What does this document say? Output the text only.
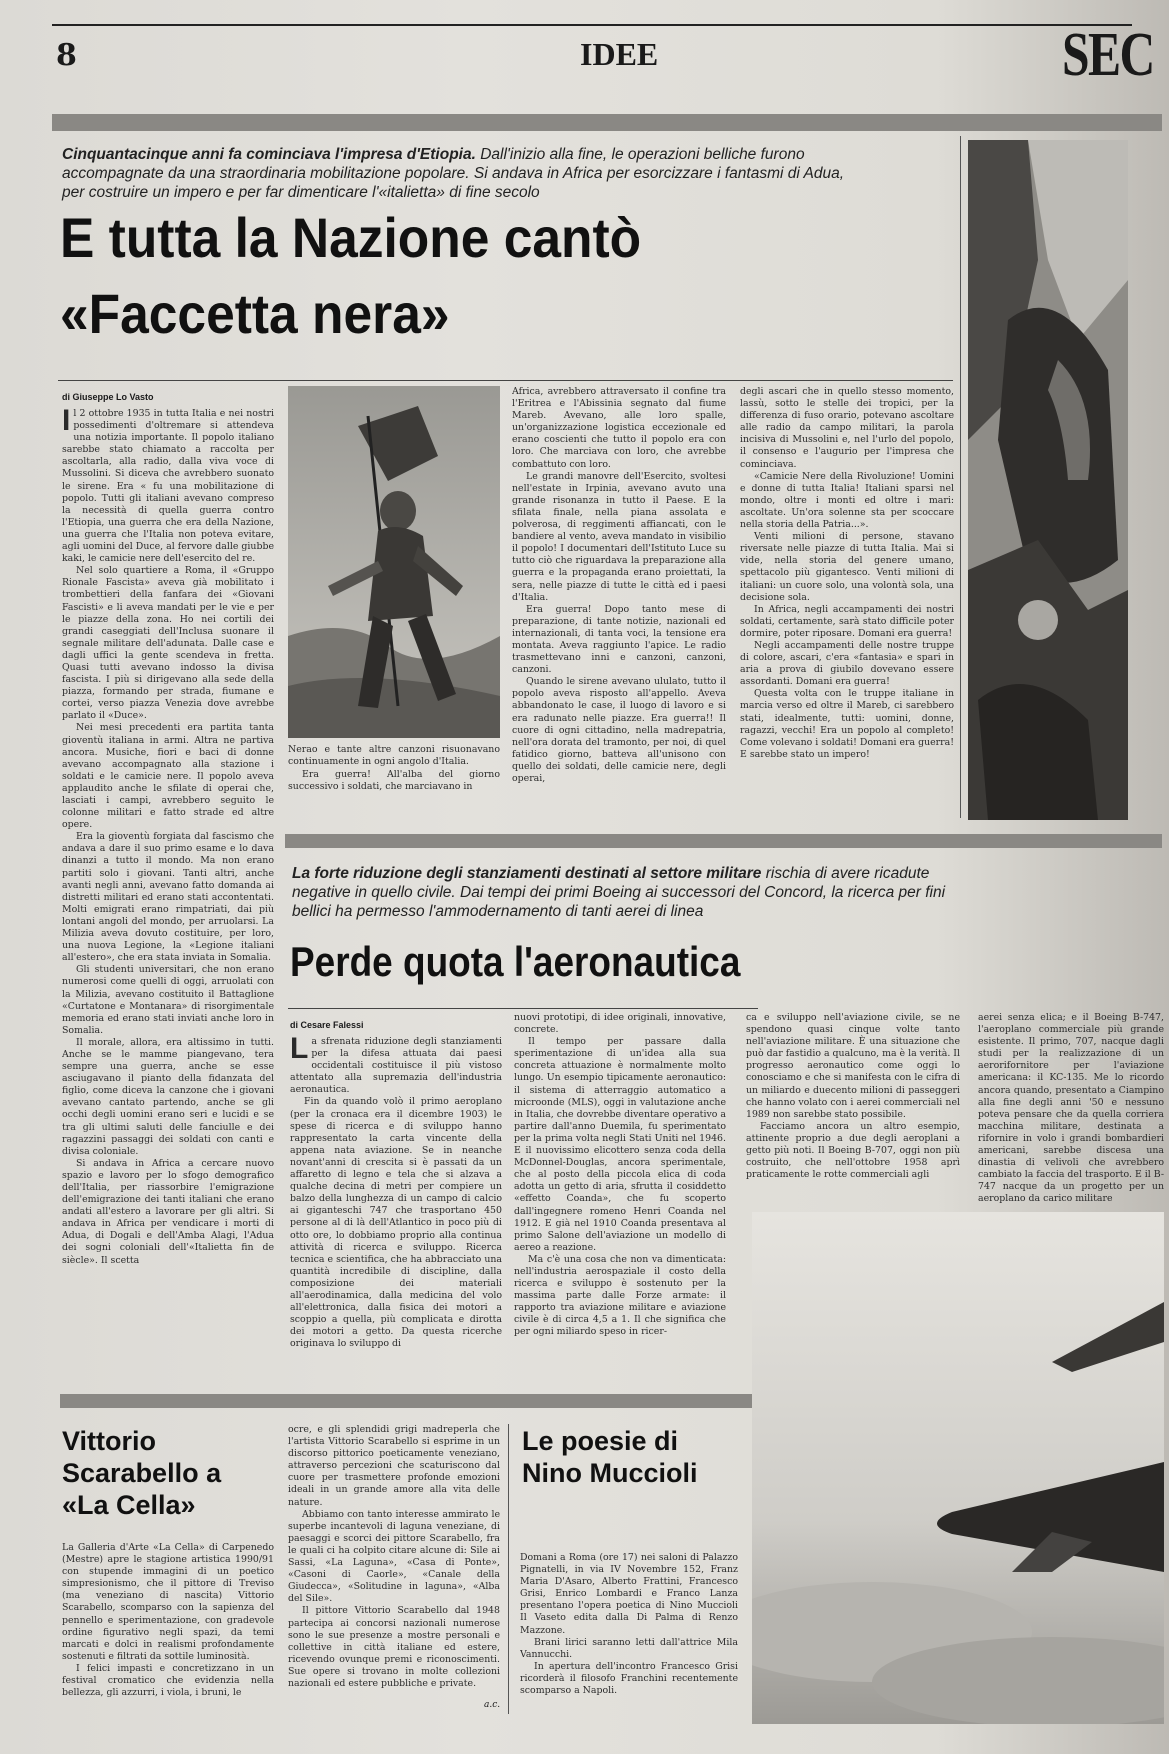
8	IDEE	SEC
Cinquantacinque anni fa cominciava l'impresa d'Etiopia. Dall'inizio alla fine, le operazioni belliche furono accompagnate da una straordinaria mobilitazione popolare. Si andava in Africa per esorcizzare i fantasmi di Adua, per costruire un impero e per far dimenticare l'«italietta» di fine secolo
E tutta la Nazione cantò
«Faccetta nera»
di Giuseppe Lo Vasto

Il 2 ottobre 1935 in tutta Italia e nei nostri possedimenti d'oltremare si attendeva una notizia importante. Il popolo italiano sarebbe stato chiamato a raccolta per ascoltarla, alla radio, dalla viva voce di Mussolini. Si diceva che avrebbero suonato le sirene. Era « fu una mobilitazione di popolo. Tutti gli italiani avevano compreso la necessità di quella guerra contro l'Etiopia, una guerra che era della Nazione, una guerra che l'Italia non poteva evitare, agli uomini del Duce, al fervore dalle giubbe kaki, le camicie nere dell'esercito del re.

Nel solo quartiere a Roma, il «Gruppo Rionale Fascista» aveva già mobilitato i trombettieri della fanfara dei «Giovani Fascisti» e li aveva mandati per le vie e per le piazze della zona. Ho nei cortili dei grandi caseggiati dell'Inclusa suonare il segnale militare dell'adunata. Dalle case e dagli uffici la gente scendeva in fretta. Quasi tutti avevano indosso la divisa fascista. I più si dirigevano alla sede della piazza, formando per strada, fiumane e cortei, verso piazza Venezia dove avrebbe parlato il «Duce».

Nei mesi precedenti era partita tanta gioventù italiana in armi. Altra ne partiva ancora. Musiche, fiori e baci di donne avevano accompagnato alla stazione i soldati e le camicie nere. Il popolo aveva applaudito anche le sfilate di operai che, lasciati i campi, avrebbero seguito le colonne militari e fatto strade ed altre opere.

Era la gioventù forgiata dal fascismo che andava a dare il suo primo esame e lo dava dinanzi a tutto il mondo. Ma non erano partiti solo i giovani. Tanti altri, anche avanti negli anni, avevano fatto domanda ai distretti militari ed erano stati accontentati. Molti emigrati erano rimpatriati, dai più lontani angoli del mondo, per arruolarsi. La Milizia aveva dovuto costituire, per loro, una nuova Legione, la «Legione italiani all'estero», che era stata inviata in Somalia.

Gli studenti universitari, che non erano numerosi come quelli di oggi, arruolati con la Milizia, avevano costituito il Battaglione «Curtatone e Montanara» di risorgimentale memoria ed erano stati inviati anche loro in Somalia.

Il morale, allora, era altissimo in tutti. Anche se le mamme piangevano, tera sempre una guerra, anche se esse asciugavano il pianto della fidanzata del figlio, come diceva la canzone che i giovani avevano cantato partendo, anche se gli occhi degli uomini erano seri e lucidi e se tra gli ultimi saluti delle fanciulle e dei ragazzini passaggi dei soldati con canti e divisa coloniale.

Si andava in Africa a cercare nuovo spazio e lavoro per lo sfogo demografico dell'Italia, per riassorbire l'emigrazione dell'emigrazione dei tanti italiani che erano andati all'estero a lavorare per gli altri. Si andava in Africa per vendicare i morti di Adua, di Dogali e dell'Amba Alagi, l'Adua dei sogni coloniali dell'«Italietta fin de siècle». Il scetta

Nerao e tante altre canzoni risuonavano continuamente in ogni angolo d'Italia.
Era guerra! All'alba del giorno successivo i soldati, che marciavano in

Africa, avrebbero attraversato il confine tra l'Eritrea e l'Abissinia segnato dal fiume Mareb. Avevano, alle loro spalle, un'organizzazione logistica eccezionale ed erano coscienti che tutto il popolo era con loro. Che marciava con loro, che avrebbe combattuto con loro.

Le grandi manovre dell'Esercito, svoltesi nell'estate in Irpinia, avevano avuto una grande risonanza in tutto il Paese. E la sfilata finale, nella piana assolata e polverosa, di reggimenti affiancati, con le bandiere al vento, aveva mandato in visibilio il popolo! I documentari dell'Istituto Luce su tutto ciò che riguardava la preparazione alla guerra e la propaganda erano proiettati, la sera, nelle piazze di tutte le città ed i paesi d'Italia.

Era guerra! Dopo tanto mese di preparazione, di tante notizie, nazionali ed internazionali, di tanta voci, la tensione era montata. Aveva raggiunto l'apice. Le radio trasmettevano inni e canzoni, canzoni, canzoni.

Quando le sirene avevano ululato, tutto il popolo aveva risposto all'appello. Aveva abbandonato le case, il luogo di lavoro e si era radunato nelle piazze. Era guerra!! Il cuore di ogni cittadino, nella madrepatria, nell'ora dorata del tramonto, per noi, di quel fatidico giorno, batteva all'unisono con quello dei soldati, delle camicie nere, degli operai,

degli ascari che in quello stesso momento, lassù, sotto le stelle dei tropici, per la differenza di fuso orario, potevano ascoltare alle radio da campo militari, la parola incisiva di Mussolini e, nel l'urlo del popolo, il consenso e l'augurio per l'impresa che cominciava.

«Camicie Nere della Rivoluzione! Uomini e donne di tutta Italia! Italiani sparsi nel mondo, oltre i monti ed oltre i mari: ascoltate. Un'ora solenne sta per scoccare nella storia della Patria...».

Venti milioni di persone, stavano riversate nelle piazze di tutta Italia. Mai si vide, nella storia del genere umano, spettacolo più gigantesco. Venti milioni di italiani: un cuore solo, una volontà sola, una decisione sola.

In Africa, negli accampamenti dei nostri soldati, certamente, sarà stato difficile poter dormire, poter riposare. Domani era guerra!

Negli accampamenti delle nostre truppe di colore, ascari, c'era «fantasia» e spari in aria a prova di giubilo dovevano essere assordanti. Domani era guerra!

Questa volta con le truppe italiane in marcia verso ed oltre il Mareb, ci sarebbero stati, idealmente, tutti: uomini, donne, ragazzi, vecchi! Era un popolo al completo! Come volevano i soldati! Domani era guerra! E sarebbe stato un impero!

La forte riduzione degli stanziamenti destinati al settore militare rischia di avere ricadute negative in quello civile. Dai tempi dei primi Boeing ai successori del Concord, la ricerca per fini bellici ha permesso l'ammodernamento di tanti aerei di linea
Perde quota l'aeronautica
di Cesare Falessi

La sfrenata riduzione degli stanziamenti per la difesa attuata dai paesi occidentali costituisce il più vistoso attentato alla supremazia dell'industria aeronautica.

Fin da quando volò il primo aeroplano (per la cronaca era il dicembre 1903) le spese di ricerca e di sviluppo hanno rappresentato la carta vincente della appena nata aviazione. Se in neanche novant'anni di crescita si è passati da un affaretto di legno e tela che si alzava a qualche decina di metri per compiere un balzo della lunghezza di un campo di calcio ai giganteschi 747 che trasportano 450 persone al di là dell'Atlantico in poco più di otto ore, lo dobbiamo proprio alla continua attività di ricerca e sviluppo. Ricerca tecnica e scientifica, che ha abbracciato una quantità incredibile di discipline, dalla composizione dei materiali all'aerodinamica, dalla medicina del volo all'elettronica, dalla fisica dei motori a scoppio a quella, più complicata e dirotta dei motori a getto. Da questa ricerche originava lo sviluppo di

nuovi prototipi, di idee originali, innovative, concrete.

Il tempo per passare dalla sperimentazione di un'idea alla sua concreta attuazione è normalmente molto lungo. Un esempio tipicamente aeronautico: il sistema di atterraggio automatico a microonde (MLS), oggi in valutazione anche in Italia, che dovrebbe diventare operativo a partire dall'anno Duemila, fu sperimentato per la prima volta negli Stati Uniti nel 1946. E il nuovissimo elicottero senza coda della McDonnel-Douglas, ancora sperimentale, che al posto della piccola elica di coda adotta un getto di aria, sfrutta il cosiddetto «effetto Coanda», che fu scoperto dall'ingegnere romeno Henri Coanda nel 1912. E già nel 1910 Coanda presentava al primo Salone dell'aviazione un modello di aereo a reazione.

Ma c'è una cosa che non va dimenticata: nell'industria aerospaziale il costo della ricerca e sviluppo è sostenuto per la massima parte dalle Forze armate: il rapporto tra aviazione militare e aviazione civile è di circa 4,5 a 1. Il che significa che per ogni miliardo speso in ricer-

ca e sviluppo nell'aviazione civile, se ne spendono quasi cinque volte tanto nell'aviazione militare. È una situazione che può dar fastidio a qualcuno, ma è la verità. Il progresso aeronautico come oggi lo conosciamo e che si manifesta con le cifra di un miliardo e duecento milioni di passeggeri che hanno volato con i aerei commerciali nel 1989 non sarebbe stato possibile.

Facciamo ancora un altro esempio, attinente proprio a due degli aeroplani a getto più noti. Il Boeing B-707, oggi non più costruito, che nell'ottobre 1958 aprì praticamente le rotte commerciali agli

aerei senza elica; e il Boeing B-747, l'aeroplano commerciale più grande esistente. Il primo, 707, nacque dagli studi per la realizzazione di un aerorifornitore per l'aviazione americana: il KC-135. Me lo ricordo ancora quando, presentato a Ciampino alla fine degli anni '50 e nessuno poteva pensare che da quella corriera macchina militare, destinata a rifornire in volo i grandi bombardieri americani, sarebbe discesa una dinastia di velivoli che avrebbero cambiato la faccia del trasporto. E il B-747 nacque da un progetto per un aeroplano da carico militare

Vittorio Scarabello a «La Cella»

La Galleria d'Arte «La Cella» di Carpenedo (Mestre) apre le stagione artistica 1990/91 con stupende immagini di un poetico simpresionismo, che il pittore di Treviso (ma veneziano di nascita) Vittorio Scarabello, scomparso con la sapienza del pennello e sperimentazione, con gradevole ordine figurativo negli spazi, da temi marcati e dolci in realismi profondamente sostenuti e filtrati da sottile luminosità.

I felici impasti e concretizzano in un festival cromatico che evidenzia nella bellezza, gli azzurri, i viola, i bruni, le

ocre, e gli splendidi grigi madreperla che l'artista Vittorio Scarabello si esprime in un discorso pittorico poeticamente veneziano, attraverso percezioni che scaturiscono dal cuore per trasmettere profonde emozioni ideali in un grande amore alla vita delle nature.

Abbiamo con tanto interesse ammirato le superbe incantevoli di laguna veneziane, di paesaggi e scorci dei pittore Scarabello, fra le quali ci ha colpito citare alcune di: Sile ai Sassi, «La Laguna», «Casa di Ponte», «Casoni di Caorle», «Canale della Giudecca», «Solitudine in laguna», «Alba del Sile».

Il pittore Vittorio Scarabello dal 1948 partecipa ai concorsi nazionali numerose sono le sue presenze a mostre personali e collettive in città italiane ed estere, ricevendo ovunque premi e riconoscimenti. Sue opere si trovano in molte collezioni nazionali ed estere pubbliche e private.

a.c.
Le poesie di Nino Muccioli

Domani a Roma (ore 17) nei saloni di Palazzo Pignatelli, in via IV Novembre 152, Franz Maria D'Asaro, Alberto Frattini, Francesco Grisi, Enrico Lombardi e Franco Lanza presentano l'opera poetica di Nino Muccioli Il Vaseto edita dalla Di Palma di Renzo Mazzone.

Brani lirici saranno letti dall'attrice Mila Vannucchi.

In apertura dell'incontro Francesco Grisi ricorderà il filosofo Franchini recentemente scomparso a Napoli.
